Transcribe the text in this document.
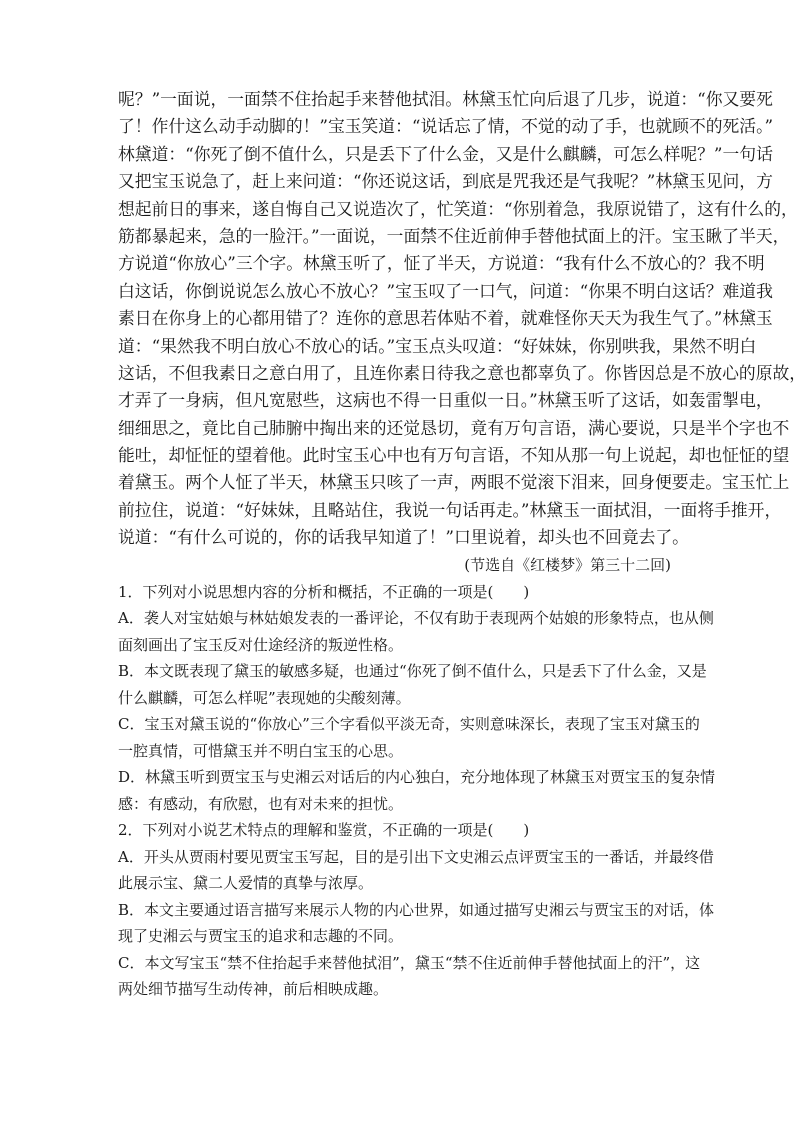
呢？”一面说，一面禁不住抬起手来替他拭泪。林黛玉忙向后退了几步，说道：“你又要死
了！作什这么动手动脚的！”宝玉笑道：“说话忘了情，不觉的动了手，也就顾不的死活。”
林黛道：“你死了倒不值什么，只是丢下了什么金，又是什么麒麟，可怎么样呢？”一句话
又把宝玉说急了，赶上来问道：“你还说这话，到底是咒我还是气我呢？”林黛玉见问，方
想起前日的事来，遂自悔自己又说造次了，忙笑道：“你别着急，我原说错了，这有什么的，
筋都暴起来，急的一脸汗。”一面说，一面禁不住近前伸手替他拭面上的汗。宝玉瞅了半天，
方说道“你放心”三个字。林黛玉听了，怔了半天，方说道：“我有什么不放心的？我不明
白这话，你倒说说怎么放心不放心？”宝玉叹了一口气，问道：“你果不明白这话？难道我
素日在你身上的心都用错了？连你的意思若体贴不着，就难怪你天天为我生气了。”林黛玉
道：“果然我不明白放心不放心的话。”宝玉点头叹道：“好妹妹，你别哄我，果然不明白
这话，不但我素日之意白用了，且连你素日待我之意也都辜负了。你皆因总是不放心的原故，
才弄了一身病，但凡宽慰些，这病也不得一日重似一日。”林黛玉听了这话，如轰雷掣电，
细细思之，竟比自己肺腑中掏出来的还觉恳切，竟有万句言语，满心要说，只是半个字也不
能吐，却怔怔的望着他。此时宝玉心中也有万句言语，不知从那一句上说起，却也怔怔的望
着黛玉。两个人怔了半天，林黛玉只咳了一声，两眼不觉滚下泪来，回身便要走。宝玉忙上
前拉住，说道：“好妹妹，且略站住，我说一句话再走。”林黛玉一面拭泪，一面将手推开，
说道：“有什么可说的，你的话我早知道了！”口里说着，却头也不回竟去了。
(节选自《红楼梦》第三十二回)
1．下列对小说思想内容的分析和概括，不正确的一项是(　　)
A．袭人对宝姑娘与林姑娘发表的一番评论，不仅有助于表现两个姑娘的形象特点，也从侧
面刻画出了宝玉反对仕途经济的叛逆性格。
B．本文既表现了黛玉的敏感多疑，也通过“你死了倒不值什么，只是丢下了什么金，又是
什么麒麟，可怎么样呢”表现她的尖酸刻薄。
C．宝玉对黛玉说的“你放心”三个字看似平淡无奇，实则意味深长，表现了宝玉对黛玉的
一腔真情，可惜黛玉并不明白宝玉的心思。
D．林黛玉听到贾宝玉与史湘云对话后的内心独白，充分地体现了林黛玉对贾宝玉的复杂情
感：有感动，有欣慰，也有对未来的担忧。
2．下列对小说艺术特点的理解和鉴赏，不正确的一项是(　　)
A．开头从贾雨村要见贾宝玉写起，目的是引出下文史湘云点评贾宝玉的一番话，并最终借
此展示宝、黛二人爱情的真挚与浓厚。
B．本文主要通过语言描写来展示人物的内心世界，如通过描写史湘云与贾宝玉的对话，体
现了史湘云与贾宝玉的追求和志趣的不同。
C．本文写宝玉“禁不住抬起手来替他拭泪”，黛玉“禁不住近前伸手替他拭面上的汗”，这
两处细节描写生动传神，前后相映成趣。
